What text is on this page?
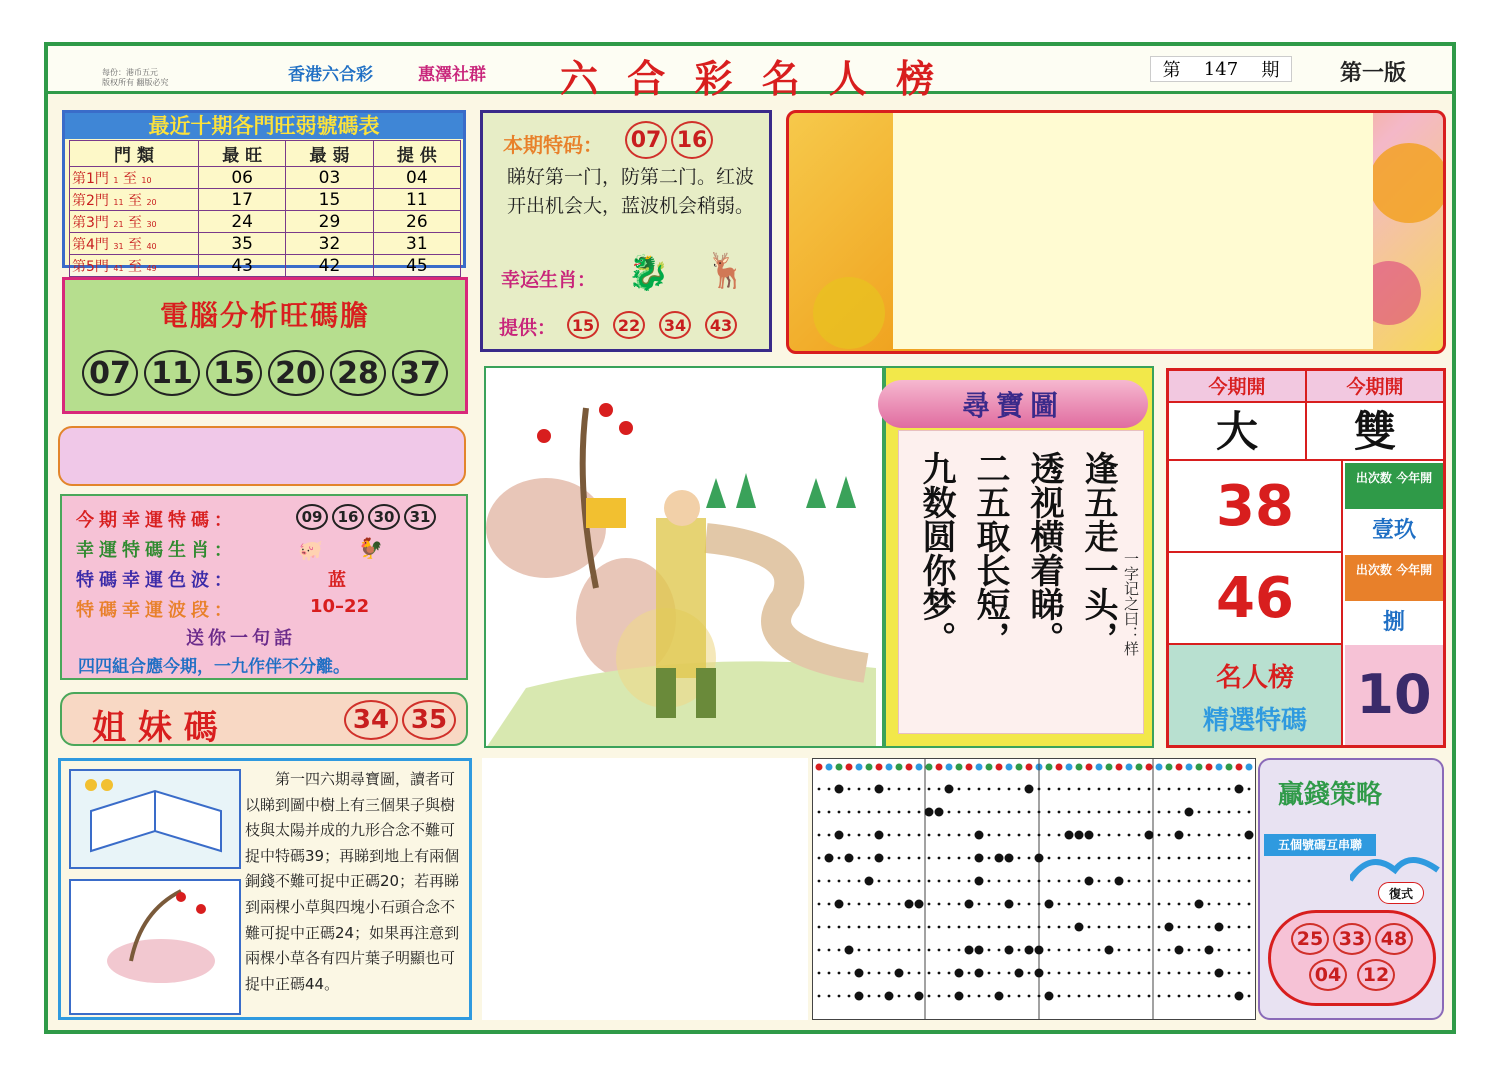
每份：港币五元
版权所有 翻版必究	香港六合彩	惠澤社群 六 合 彩 名 人 榜	第 147 期	第一版
最近十期各門旺弱號碼表
門 類	最 旺	最 弱	提 供
第1門 1 至 10	06	03	04
第2門 11 至 20	17	15	11
第3門 21 至 30	24	29	26
第4門 31 至 40	35	32	31
第5門 41 至 49	43	42	45
電腦分析旺碼膽
07 11 15 20 28 37
今期幸運特碼：	09	16	30	31
幸運特碼生肖：	🐖 🐓
特碼幸運色波：	蓝
特碼幸運波段：	10–22
送你一句話
四四組合應今期，一九作伴不分離。
姐 妹 碼	34 35
本期特码： 07 16
睇好第一门，防第二门。红波开出机会大，蓝波机会稍弱。
幸运生肖： 🐉 🦌
提供： 15	22	34	43
尋寶圖
逢五走一头，
透视横着睇。
二五取长短，
九数圆你梦。	一字记之曰：样
今期開	今期開
大	雙
38	出次数 今年開
壹玖
46	出次数 今年開
捌
名人榜
精選特碼 10
第一四六期尋寶圖，讀者可以睇到圖中樹上有三個果子與樹枝與太陽并成的九形合念不難可捉中特碼39；再睇到地上有兩個銅錢不難可捉中正碼20；若再睇到兩棵小草與四塊小石頭合念不難可捉中正碼24；如果再注意到兩棵小草各有四片葉子明顯也可捉中正碼44。
贏錢策略
五個號碼互串聯
復式
25 33 48
04	12
